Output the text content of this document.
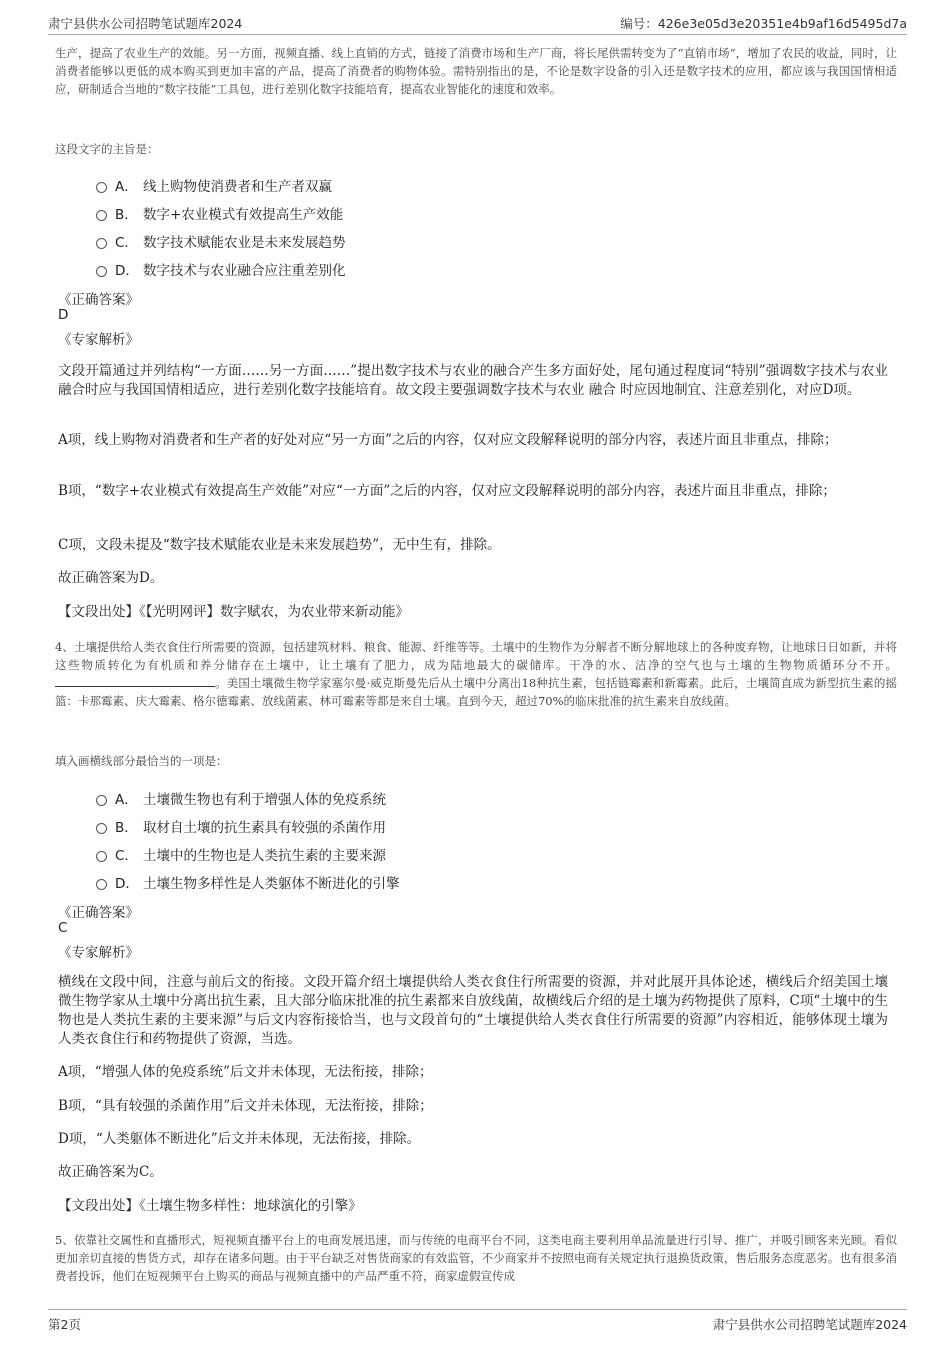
肃宁县供水公司招聘笔试题库2024	编号：426e3e05d3e20351e4b9af16d5495d7a

生产，提高了农业生产的效能。另一方面，视频直播、线上直销的方式，链接了消费市场和生产厂商，将长尾供需转变为了“直销市场”，增加了农民的收益，同时，让消费者能够以更低的成本购买到更加丰富的产品，提高了消费者的购物体验。需特别指出的是，不论是数字设备的引入还是数字技术的应用，都应该与我国国情相适应，研制适合当地的“数字技能”工具包，进行差别化数字技能培育，提高农业智能化的速度和效率。

这段文字的主旨是：
A． 线上购物使消费者和生产者双赢
B． 数字+农业模式有效提高生产效能
C． 数字技术赋能农业是未来发展趋势
D． 数字技术与农业融合应注重差别化
《正确答案》
D
《专家解析》

文段开篇通过并列结构“一方面……另一方面……”提出数字技术与农业的融合产生多方面好处，尾句通过程度词“特别”强调数字技术与农业融合时应与我国国情相适应，进行差别化数字技能培育。故文段主要强调数字技术与农业 融合 时应因地制宜、注意差别化，对应D项。

A项，线上购物对消费者和生产者的好处对应“另一方面”之后的内容，仅对应文段解释说明的部分内容，表述片面且非重点，排除；

B项，“数字+农业模式有效提高生产效能”对应“一方面”之后的内容，仅对应文段解释说明的部分内容，表述片面且非重点，排除；

C项，文段未提及“数字技术赋能农业是未来发展趋势”，无中生有，排除。

故正确答案为D。

【文段出处】《【光明网评】数字赋农，为农业带来新动能》

4、土壤提供给人类衣食住行所需要的资源，包括建筑材料、粮食、能源、纤维等等。土壤中的生物作为分解者不断分解地球上的各种废弃物，让地球日日如新，并将这些物质转化为有机质和养分储存在土壤中，让土壤有了肥力，成为陆地最大的碳储库。干净的水、洁净的空气也与土壤的生物物质循环分不开。。美国土壤微生物学家塞尔曼·威克斯曼先后从土壤中分离出18种抗生素，包括链霉素和新霉素。此后，土壤简直成为新型抗生素的摇篮：卡那霉素、庆大霉素、格尔德霉素、放线菌素、林可霉素等都是来自土壤。直到今天，超过70%的临床批准的抗生素来自放线菌。

填入画横线部分最恰当的一项是：
A． 土壤微生物也有利于增强人体的免疫系统
B． 取材自土壤的抗生素具有较强的杀菌作用
C． 土壤中的生物也是人类抗生素的主要来源
D． 土壤生物多样性是人类躯体不断进化的引擎
《正确答案》
C
《专家解析》

横线在文段中间，注意与前后文的衔接。文段开篇介绍土壤提供给人类衣食住行所需要的资源，并对此展开具体论述，横线后介绍美国土壤微生物学家从土壤中分离出抗生素，且大部分临床批准的抗生素都来自放线菌，故横线后介绍的是土壤为药物提供了原料，C项“土壤中的生物也是人类抗生素的主要来源”与后文内容衔接恰当，也与文段首句的“土壤提供给人类衣食住行所需要的资源”内容相近，能够体现土壤为人类衣食住行和药物提供了资源，当选。

A项，“增强人体的免疫系统”后文并未体现，无法衔接，排除；

B项，“具有较强的杀菌作用”后文并未体现，无法衔接，排除；

D项，“人类躯体不断进化”后文并未体现，无法衔接，排除。

故正确答案为C。

【文段出处】《土壤生物多样性：地球演化的引擎》

5、依靠社交属性和直播形式，短视频直播平台上的电商发展迅速，而与传统的电商平台不同，这类电商主要利用单品流量进行引导、推广，并吸引顾客来光顾。看似更加亲切直接的售货方式，却存在诸多问题。由于平台缺乏对售货商家的有效监管，不少商家并不按照电商有关规定执行退换货政策，售后服务态度恶劣。也有很多消费者投诉，他们在短视频平台上购买的商品与视频直播中的产品严重不符，商家虚假宣传成

第2页	肃宁县供水公司招聘笔试题库2024
